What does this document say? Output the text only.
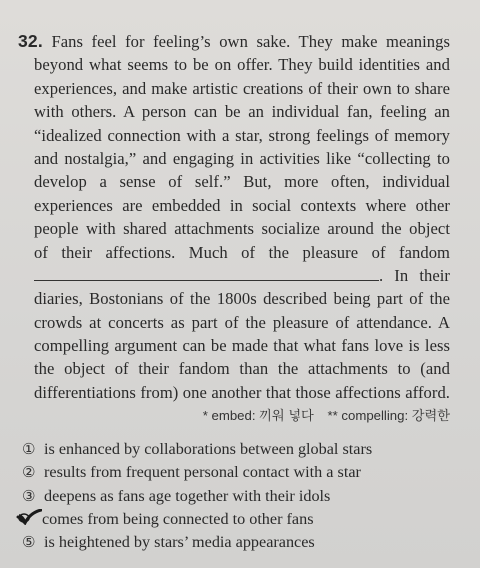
32. Fans feel for feeling’s own sake. They make meanings
beyond what seems to be on offer. They build identities and
experiences, and make artistic creations of their own to share
with others. A person can be an individual fan, feeling an
“idealized connection with a star, strong feelings of memory
and nostalgia,” and engaging in activities like “collecting to
develop a sense of self.” But, more often, individual
experiences are embedded in social contexts where other
people with shared attachments socialize around the object
of their affections. Much of the pleasure of fandom
. In their
diaries, Bostonians of the 1800s described being part of the
crowds at concerts as part of the pleasure of attendance. A
compelling argument can be made that what fans love is less
the object of their fandom than the attachments to (and
differentiations from) one another that those affections afford.
* embed: 끼워 넣다 ** compelling: 강력한
① is enhanced by collaborations between global stars
② results from frequent personal contact with a star
③ deepens as fans age together with their idols
comes from being connected to other fans
⑤ is heightened by stars’ media appearances
